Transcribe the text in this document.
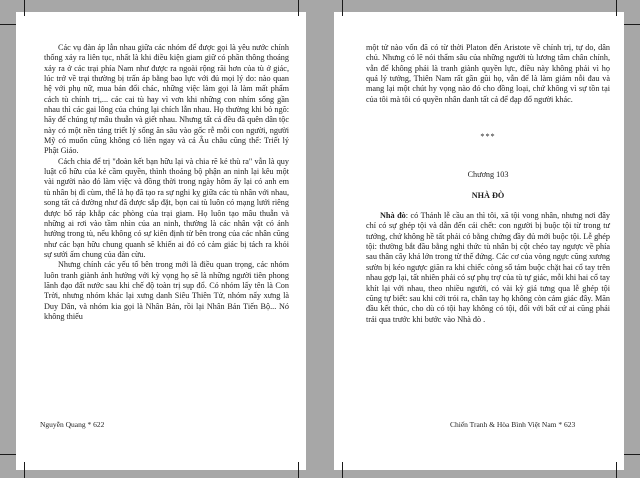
Các vụ đàn áp lẫn nhau giữa các nhóm để được gọi là yêu nước chính thống xảy ra liên tục, nhất là khi điều kiện giam giữ có phần thông thoáng xảy ra ở các trại phía Nam như được ra ngoài rộng rãi hơn của tù ở giác, lúc trở về trại thường bị trấn áp bằng bao lực với đủ mọi lý do: nào quan hệ với phụ nữ, mua bán đổi chác, những việc làm gọi là làm mất phẩm cách tù chính trị,... các cai tù hay vì vơn khi những con nhím sống gần nhau thì các gai lông của chúng lại chích lẫn nhau. Họ thường khi bỏ ngõ: hãy để chúng tự mâu thuẫn và giết nhau. Nhưng tất cả đều đã quên dân tộc này có một nền tảng triết lý sống ăn sâu vào gốc rễ mỗi con người, người Mỹ có muốn cũng không có liên ngay và cả Âu châu cũng thế: Triết lý Phật Giáo.

Cách chia để trị "đoàn kết bạn hữu lại và chia rẽ kẻ thù ra" vẫn là quy luật cổ hữu của kẻ cầm quyền, thình thoảng bộ phận an ninh lại kêu một vài người nào đó làm việc và đồng thời trong ngày hôm ấy lại có anh em tù nhân bị đì cùm, thế là họ đã tạo ra sự nghi kỵ giữa các tù nhân với nhau, song tất cả đường như đã được sắp đặt, bọn cai tù luôn có mạng lưới riêng được bố ráp khắp các phòng của trại giam. Họ luôn tạo mâu thuẫn và những ai rơi vào tầm nhìn của an ninh, thường là các nhân vật có ảnh hưởng trong tù, nếu không có sự kiên định từ bên trong của các nhân cũng như các bạn hữu chung quanh sẽ khiến ai đó có cảm giác bị tách ra khỏi sự sưởi ấm chung của đàn cừu.

Nhưng chính các yếu tố bên trong mới là điều quan trọng, các nhóm luôn tranh giành ảnh hưởng với kỳ vọng họ sẽ là những người tiên phong lãnh đạo đất nước sau khi chế độ toàn trị sụp đổ. Có nhóm lấy tên là Con Trời, nhưng nhóm khác lại xưng danh Siêu Thiên Tử, nhóm nấy xưng là Duy Dân, và nhóm kia gọi là Nhân Bản, rồi lại Nhân Bản Tiến Bộ... Nó không thiếu

Nguyễn Quang * 622

một tử nào vốn đã có từ thời Platon đến Aristote về chính trị, tự do, dân chủ. Nhưng có lẽ nói thẩm sâu của những người tù lương tâm chân chính, vẫn để không phải là tranh giành quyền lực, điều này không phải vì họ quá lý tưởng, Thiên Nam rất gần gũi họ, vẫn để là làm giảm nỗi đau và mang lại một chút hy vọng nào đó cho đồng loại, chứ không vì sự tồn tại của tôi mà tôi có quyền nhân danh tất cả để đạp đổ người khác.

***
Chương 103
NHÀ ĐÒ

Nhà đò: có Thánh lễ cầu an thì tôi, xã tội vong nhân, nhưng nơi đây chỉ có sự ghép tội và dẫn đến cái chết: con người bị buộc tội từ trong tư tưởng, chứ không hề tất phải có bằng chứng đầy đủ mới buộc tội. Lễ ghép tội: thường bắt đầu bằng nghi thức tù nhân bị cột chéo tay ngược về phía sau thân cây khá lớn trong từ thế đứng. Các cơ của vòng ngực cũng xương sườn bị kéo ngược giãn ra khi chiếc còng số tám buộc chặt hai cổ tay trên nhau gợp lại, tất nhiên phải có sự phụ trợ của tù tự giác, mỗi khi hai cổ tay khít lại với nhau, theo nhiều người, có vài kỳ giá tưng qua lễ ghép tội cũng tự biết: sau khi cởi trói ra, chân tay họ không còn cảm giác đây. Mãn đầu kết thúc, cho dù có tội hay không có tội, đối với bất cứ ai cũng phải trải qua trước khi bước vào Nhà đò .

Chiến Tranh & Hòa Bình Việt Nam * 623
